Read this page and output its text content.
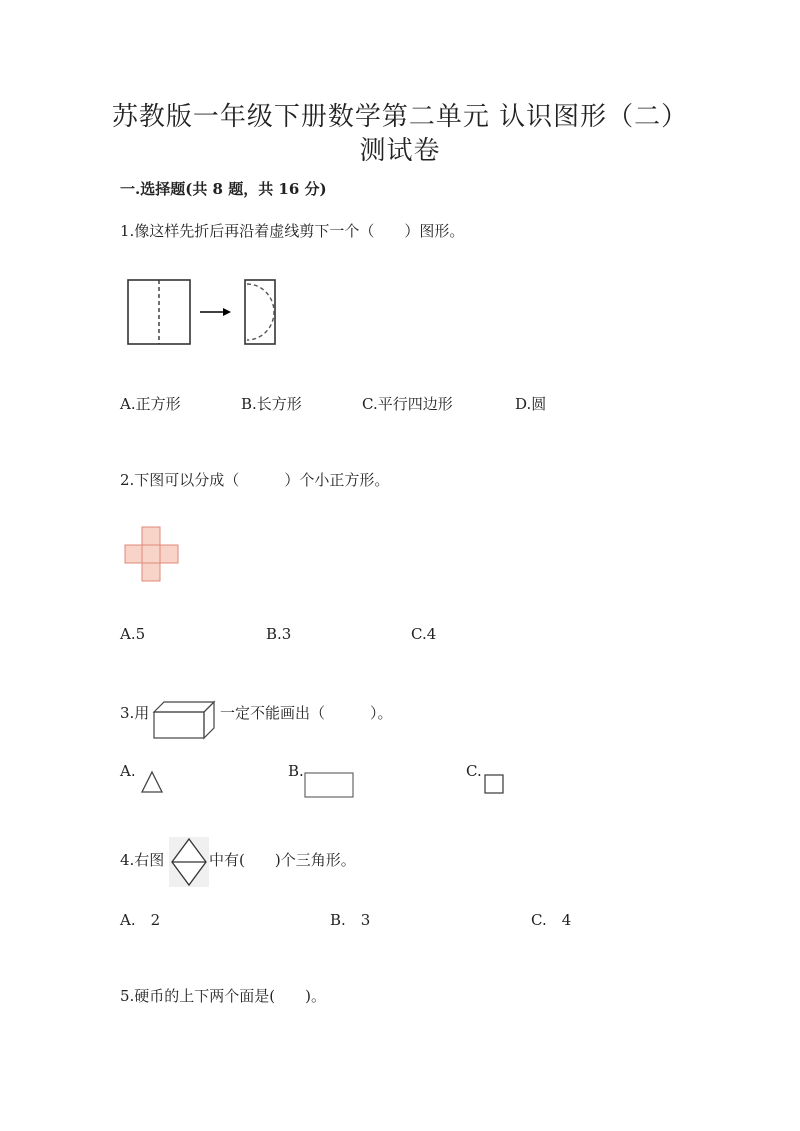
苏教版一年级下册数学第二单元 认识图形（二）
测试卷
一.选择题(共 8 题，共 16 分)
1.像这样先折后再沿着虚线剪下一个（　　）图形。
A.正方形	B.长方形	C.平行四边形	D.圆
2.下图可以分成（　　　）个小正方形。
A.5	B.3	C.4
3.用	一定不能画出（　　　）。
A.	B.	C.
4.右图	中有(　　)个三角形。
A.　2	B.　3	C.　4
5.硬币的上下两个面是(　　)。
